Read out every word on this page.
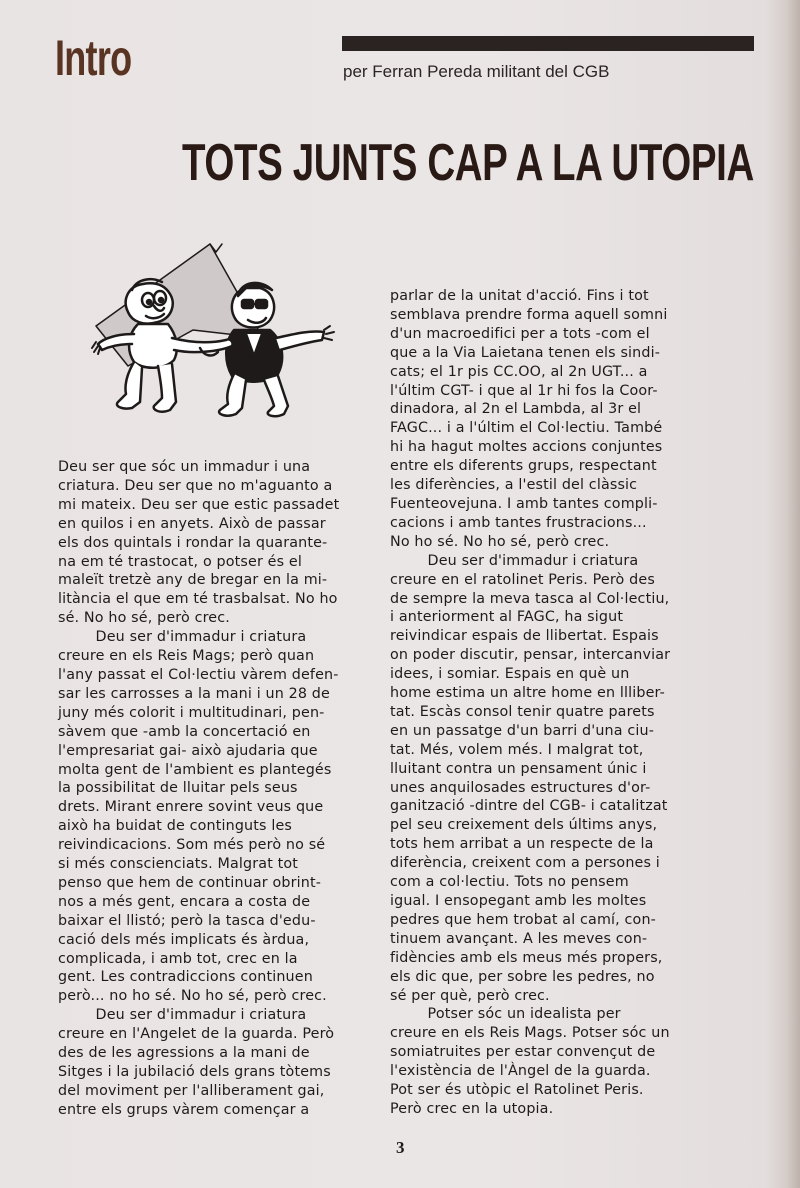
Intro	per Ferran Pereda militant del CGB

TOTS JUNTS CAP A LA UTOPIA

Deu ser que sóc un immadur i una

criatura. Deu ser que no m'aguanto a

mi mateix. Deu ser que estic passadet

en quilos i en anyets. Això de passar

els dos quintals i rondar la quarante-

na em té trastocat, o potser és el

maleït tretzè any de bregar en la mi-

litància el que em té trasbalsat. No ho

sé. No ho sé, però crec.

Deu ser d'immadur i criatura

creure en els Reis Mags; però quan

l'any passat el Col·lectiu vàrem defen-

sar les carrosses a la mani i un 28 de

juny més colorit i multitudinari, pen-

sàvem que -amb la concertació en

l'empresariat gai- això ajudaria que

molta gent de l'ambient es plantegés

la possibilitat de lluitar pels seus

drets. Mirant enrere sovint veus que

això ha buidat de continguts les

reivindicacions. Som més però no sé

si més conscienciats. Malgrat tot

penso que hem de continuar obrint-

nos a més gent, encara a costa de

baixar el llistó; però la tasca d'edu-

cació dels més implicats és àrdua,

complicada, i amb tot, crec en la

gent. Les contradiccions continuen

però... no ho sé. No ho sé, però crec.

Deu ser d'immadur i criatura

creure en l'Angelet de la guarda. Però

des de les agressions a la mani de

Sitges i la jubilació dels grans tòtems

del moviment per l'alliberament gai,

entre els grups vàrem començar a

parlar de la unitat d'acció. Fins i tot

semblava prendre forma aquell somni

d'un macroedifici per a tots -com el

que a la Via Laietana tenen els sindi-

cats; el 1r pis CC.OO, al 2n UGT... a

l'últim CGT- i que al 1r hi fos la Coor-

dinadora, al 2n el Lambda, al 3r el

FAGC... i a l'últim el Col·lectiu. També

hi ha hagut moltes accions conjuntes

entre els diferents grups, respectant

les diferències, a l'estil del clàssic

Fuenteovejuna. I amb tantes compli-

cacions i amb tantes frustracions...

No ho sé. No ho sé, però crec.

Deu ser d'immadur i criatura

creure en el ratolinet Peris. Però des

de sempre la meva tasca al Col·lectiu,

i anteriorment al FAGC, ha sigut

reivindicar espais de llibertat. Espais

on poder discutir, pensar, intercanviar

idees, i somiar. Espais en què un

home estima un altre home en llliber-

tat. Escàs consol tenir quatre parets

en un passatge d'un barri d'una ciu-

tat. Més, volem més. I malgrat tot,

lluitant contra un pensament únic i

unes anquilosades estructures d'or-

ganització -dintre del CGB- i catalitzat

pel seu creixement dels últims anys,

tots hem arribat a un respecte de la

diferència, creixent com a persones i

com a col·lectiu. Tots no pensem

igual. I ensopegant amb les moltes

pedres que hem trobat al camí, con-

tinuem avançant. A les meves con-

fidències amb els meus més propers,

els dic que, per sobre les pedres, no

sé per què, però crec.

Potser sóc un idealista per

creure en els Reis Mags. Potser sóc un

somiatruites per estar convençut de

l'existència de l'Àngel de la guarda.

Pot ser és utòpic el Ratolinet Peris.

Però crec en la utopia.

3
